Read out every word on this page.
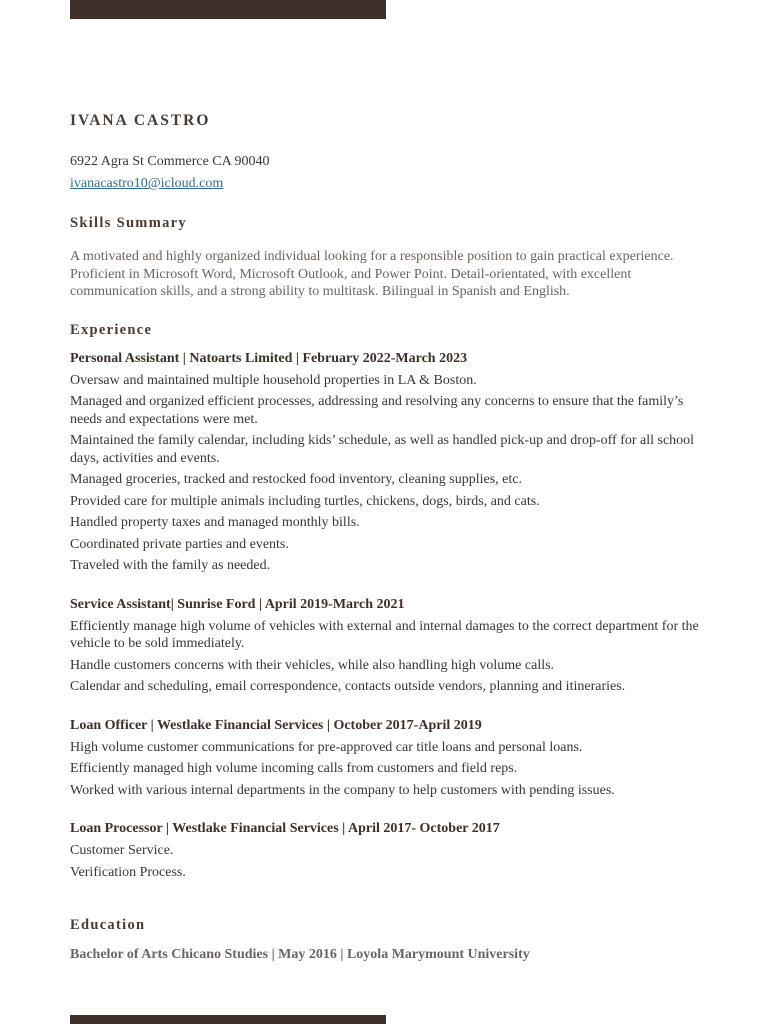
IVANA CASTRO
6922 Agra St Commerce CA 90040
ivanacastro10@icloud.com
Skills Summary
A motivated and highly organized individual looking for a responsible position to gain practical experience. Proficient in Microsoft Word, Microsoft Outlook, and Power Point. Detail-orientated, with excellent communication skills, and a strong ability to multitask. Bilingual in Spanish and English.
Experience
Personal Assistant | Natoarts Limited | February 2022-March 2023
Oversaw and maintained multiple household properties in LA & Boston.
Managed and organized efficient processes, addressing and resolving any concerns to ensure that the family’s needs and expectations were met.
Maintained the family calendar, including kids’ schedule, as well as handled pick-up and drop-off for all school days, activities and events.
Managed groceries, tracked and restocked food inventory, cleaning supplies, etc.
Provided care for multiple animals including turtles, chickens, dogs, birds, and cats.
Handled property taxes and managed monthly bills.
Coordinated private parties and events.
Traveled with the family as needed.
Service Assistant| Sunrise Ford | April 2019-March 2021
Efficiently manage high volume of vehicles with external and internal damages to the correct department for the vehicle to be sold immediately.
Handle customers concerns with their vehicles, while also handling high volume calls.
Calendar and scheduling, email correspondence, contacts outside vendors, planning and itineraries.
Loan Officer | Westlake Financial Services | October 2017-April 2019
High volume customer communications for pre-approved car title loans and personal loans.
Efficiently managed high volume incoming calls from customers and field reps.
Worked with various internal departments in the company to help customers with pending issues.
Loan Processor | Westlake Financial Services | April 2017- October 2017
Customer Service.
Verification Process.
Education
Bachelor of Arts Chicano Studies | May 2016 | Loyola Marymount University
